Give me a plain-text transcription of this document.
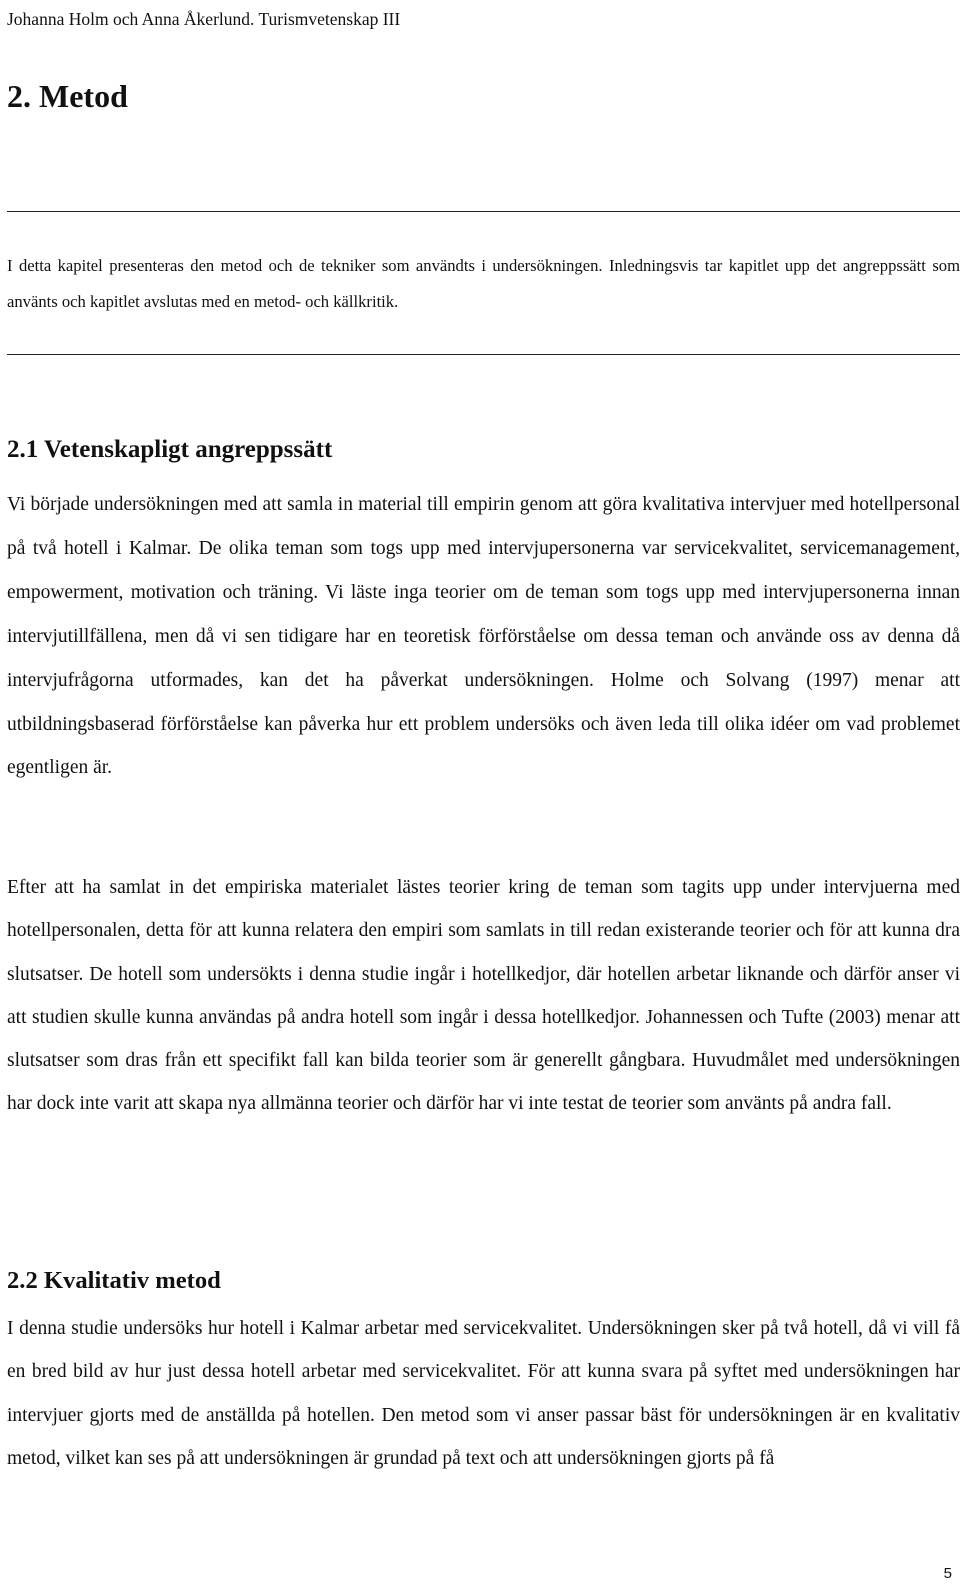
Johanna Holm och Anna Åkerlund. Turismvetenskap III
2. Metod

I detta kapitel presenteras den metod och de tekniker som användts i undersökningen. Inledningsvis tar kapitlet upp det angreppssätt som använts och kapitlet avslutas med en metod- och källkritik.

2.1 Vetenskapligt angreppssätt

Vi började undersökningen med att samla in material till empirin genom att göra kvalitativa intervjuer med hotellpersonal på två hotell i Kalmar. De olika teman som togs upp med intervjupersonerna var servicekvalitet, servicemanagement, empowerment, motivation och träning. Vi läste inga teorier om de teman som togs upp med intervjupersonerna innan intervjutillfällena, men då vi sen tidigare har en teoretisk förförståelse om dessa teman och använde oss av denna då intervjufrågorna utformades, kan det ha påverkat undersökningen. Holme och Solvang (1997) menar att utbildningsbaserad förförståelse kan påverka hur ett problem undersöks och även leda till olika idéer om vad problemet egentligen är.

Efter att ha samlat in det empiriska materialet lästes teorier kring de teman som tagits upp under intervjuerna med hotellpersonalen, detta för att kunna relatera den empiri som samlats in till redan existerande teorier och för att kunna dra slutsatser. De hotell som undersökts i denna studie ingår i hotellkedjor, där hotellen arbetar liknande och därför anser vi att studien skulle kunna användas på andra hotell som ingår i dessa hotellkedjor. Johannessen och Tufte (2003) menar att slutsatser som dras från ett specifikt fall kan bilda teorier som är generellt gångbara. Huvudmålet med undersökningen har dock inte varit att skapa nya allmänna teorier och därför har vi inte testat de teorier som använts på andra fall.

2.2 Kvalitativ metod

I denna studie undersöks hur hotell i Kalmar arbetar med servicekvalitet. Undersökningen sker på två hotell, då vi vill få en bred bild av hur just dessa hotell arbetar med servicekvalitet. För att kunna svara på syftet med undersökningen har intervjuer gjorts med de anställda på hotellen. Den metod som vi anser passar bäst för undersökningen är en kvalitativ metod, vilket kan ses på att undersökningen är grundad på text och att undersökningen gjorts på få

5
